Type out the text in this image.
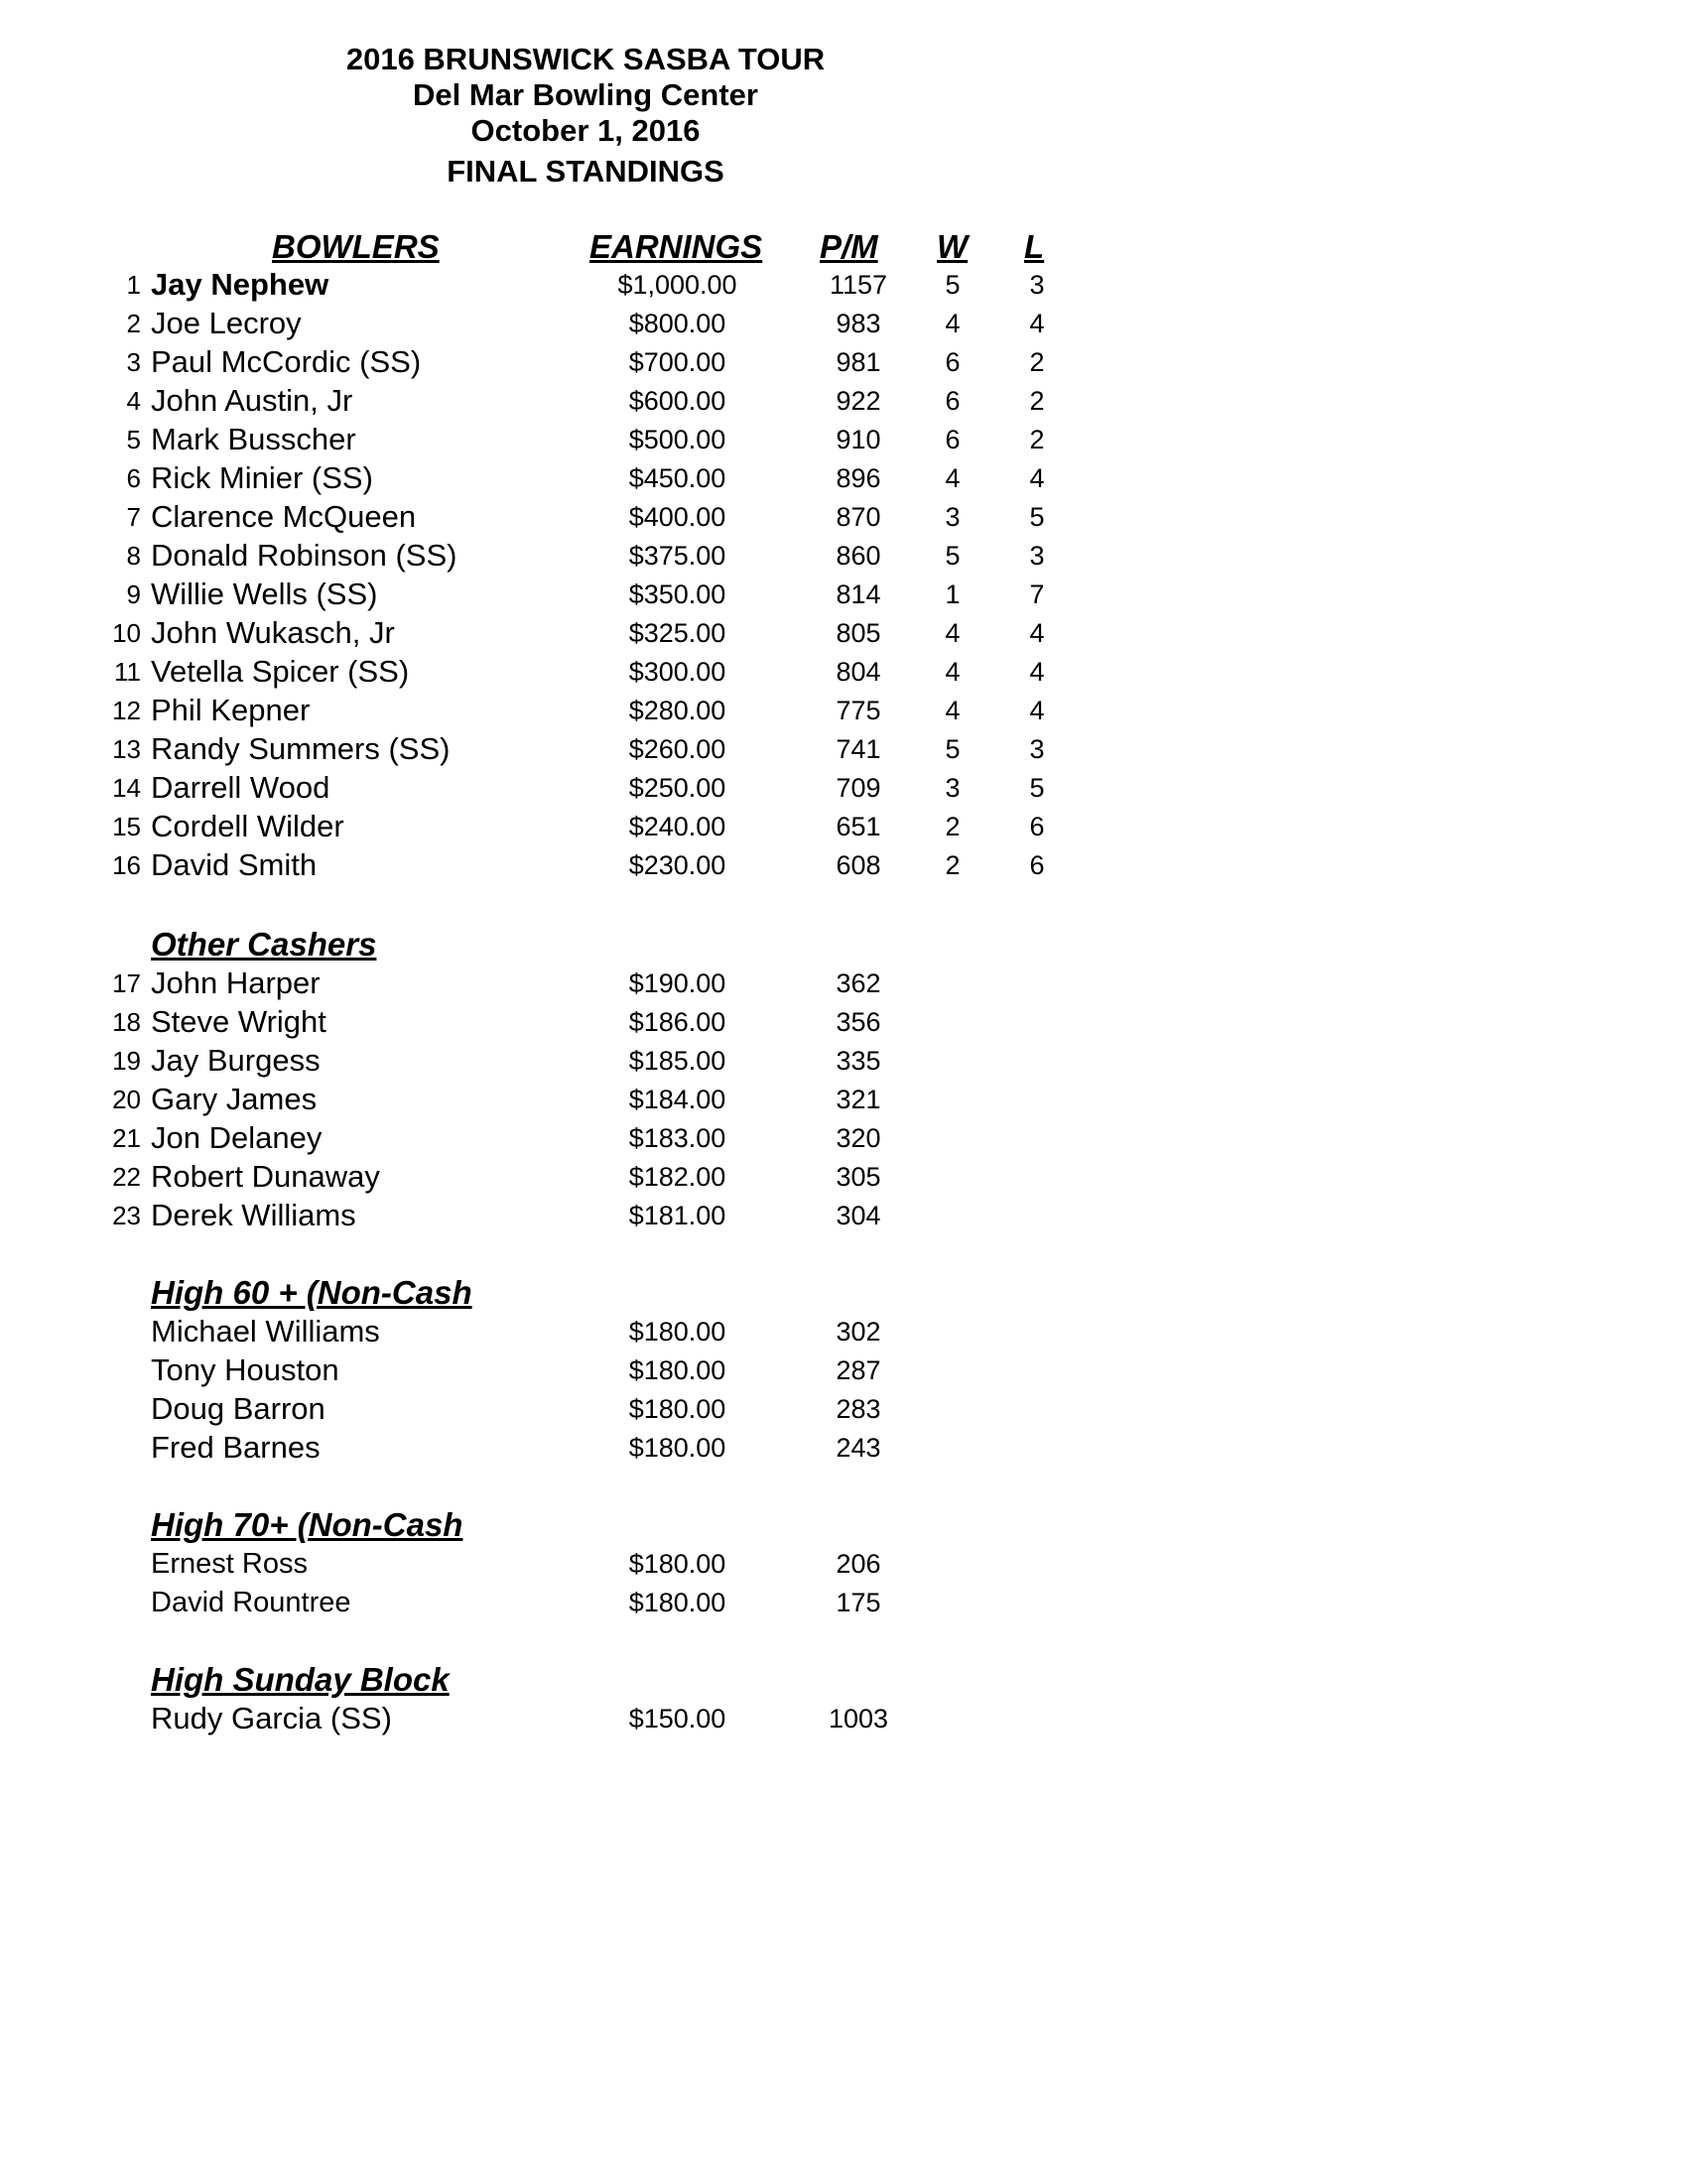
2016 BRUNSWICK SASBA TOUR
Del Mar Bowling Center
October 1, 2016
FINAL STANDINGS
BOWLERS	EARNINGS P/M W L
1 Jay Nephew	$1,000.00	1157	5	3
2 Joe Lecroy	$800.00	983	4	4
3 Paul McCordic (SS)	$700.00	981	6	2
4 John Austin, Jr	$600.00	922	6	2
5 Mark Busscher	$500.00	910	6	2
6 Rick Minier (SS)	$450.00	896	4	4
7 Clarence McQueen	$400.00	870	3	5
8 Donald Robinson (SS)	$375.00	860	5	3
9 Willie Wells (SS)	$350.00	814	1	7
10 John Wukasch, Jr	$325.00	805	4	4
11 Vetella Spicer (SS)	$300.00	804	4	4
12 Phil Kepner	$280.00	775	4	4
13 Randy Summers (SS)	$260.00	741	5	3
14 Darrell Wood	$250.00	709	3	5
15 Cordell Wilder	$240.00	651	2	6
16 David Smith	$230.00	608	2	6
Other Cashers
17 John Harper	$190.00	362
18 Steve Wright	$186.00	356
19 Jay Burgess	$185.00	335
20 Gary James	$184.00	321
21 Jon Delaney	$183.00	320
22 Robert Dunaway	$182.00	305
23 Derek Williams	$181.00	304
High 60 + (Non-Cash
Michael Williams	$180.00	302
Tony Houston	$180.00	287
Doug Barron	$180.00	283
Fred Barnes	$180.00	243
High 70+ (Non-Cash
Ernest Ross	$180.00	206
David Rountree	$180.00	175
High Sunday Block
Rudy Garcia (SS)	$150.00	1003
